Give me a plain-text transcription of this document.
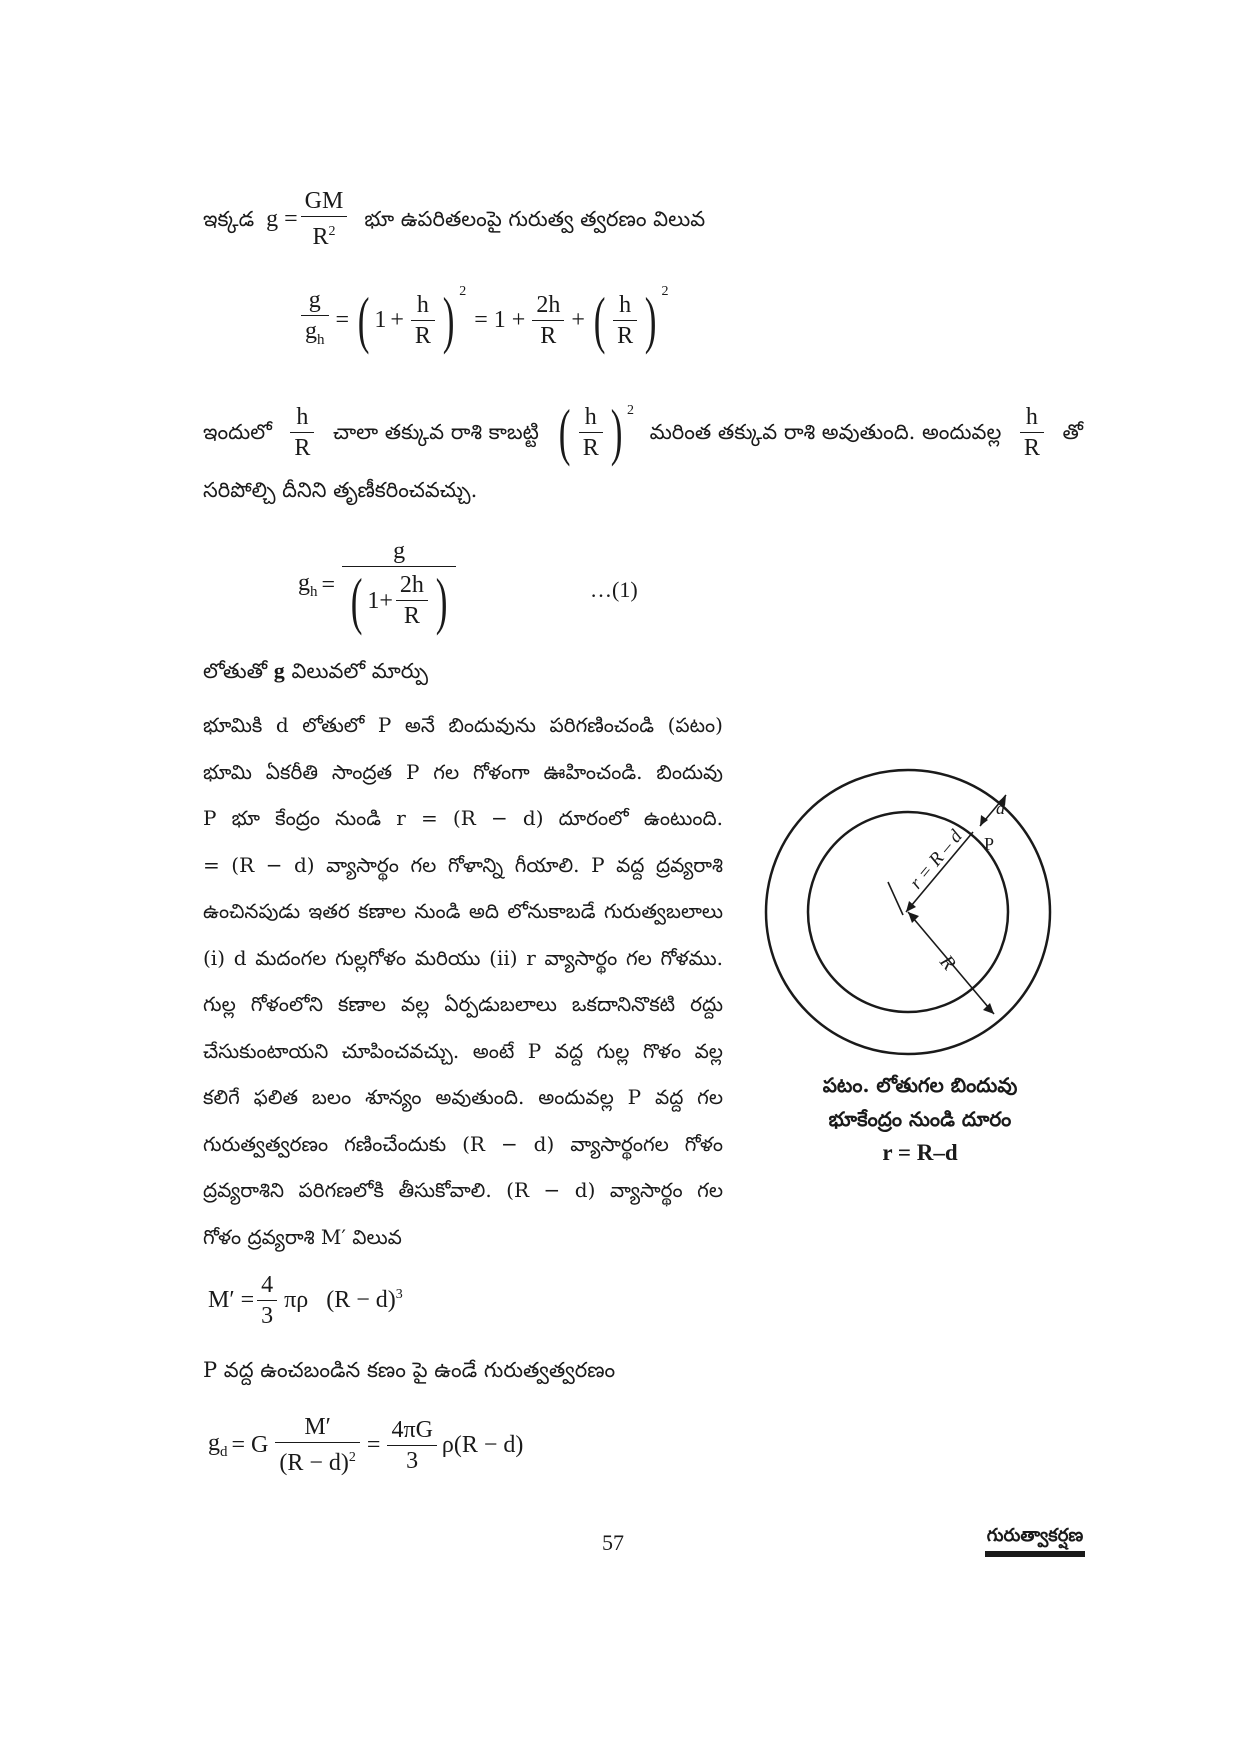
ఇక్కడ $g = \frac{GM}{R^2}$ భూ ఉపరితలంపై గురుత్వ త్వరణం విలువ
$\frac{g}{g_h}$ = ( $1 + \frac{h}{R}$ ) $^2$
= $1 + \frac{2h}{R}$ + ( $\frac{h}{R}$ ) $^2$
ఇందులో $\frac{h}{R}$ చాలా తక్కువ రాశి కాబట్టి ( $\frac{h}{R}$ ) $^2$
మరింత తక్కువ రాశి అవుతుంది. అందువల్ల $\frac{h}{R}$ తో
సరిపోల్చి దీనిని తృణీకరించవచ్చు.
$g_h = \frac{g}{( 1+ \frac{2h}{R} )}$	…(1)
లోతుతో g విలువలో మార్పు
భూమికి d లోతులో P అనే బిందువును పరిగణించండి (పటం)
భూమి ఏకరీతి సాంద్రత P గల గోళంగా ఊహించండి. బిందువు
P భూ కేంద్రం నుండి r = (R − d) దూరంలో ఉంటుంది.
= (R − d) వ్యాసార్థం గల గోళాన్ని గీయాలి. P వద్ద ద్రవ్యరాశి
ఉంచినపుడు ఇతర కణాల నుండి అది లోనుకాబడే గురుత్వబలాలు
(i) d మదంగల గుల్లగోళం మరియు (ii) r వ్యాసార్థం గల గోళము.
గుల్ల గోళంలోని కణాల వల్ల ఏర్పడుబలాలు ఒకదానినొకటి రద్దు
చేసుకుంటాయని చూపించవచ్చు. అంటే P వద్ద గుల్ల గొళం వల్ల
కలిగే ఫలిత బలం శూన్యం అవుతుంది. అందువల్ల P వద్ద గల
గురుత్వత్వరణం గణించేందుకు (R − d) వ్యాసార్థంగల గోళం
ద్రవ్యరాశిని పరిగణలోకి తీసుకోవాలి. (R − d) వ్యాసార్థం గల
గోళం ద్రవ్యరాశి M′ విలువ
r = R – d
d
P
R
పటం. లోతుగల బిందువు
భూకేంద్రం నుండి దూరం
r = R–d
$M' = \frac{4}{3}$ πρ $(R - d)^3$
P వద్ద ఉంచబండిన కణం పై ఉండే గురుత్వత్వరణం
$g_d = G \frac{M'}{(R - d)^2} = \frac{4\pi G}{3} \rho(R - d)$
57	గురుత్వాకర్షణ
